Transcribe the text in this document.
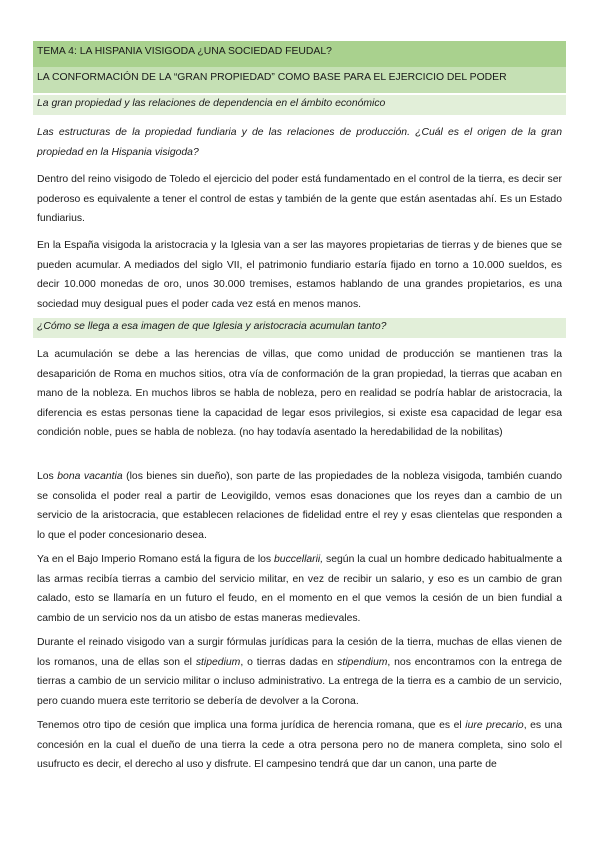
TEMA 4: LA HISPANIA VISIGODA ¿UNA SOCIEDAD FEUDAL?
LA CONFORMACIÓN DE LA “GRAN PROPIEDAD” COMO BASE PARA EL EJERCICIO DEL PODER
La gran propiedad y las relaciones de dependencia en el ámbito económico

Las estructuras de la propiedad fundiaria y de las relaciones de producción. ¿Cuál es el origen de la gran propiedad en la Hispania visigoda?

Dentro del reino visigodo de Toledo el ejercicio del poder está fundamentado en el control de la tierra, es decir ser poderoso es equivalente a tener el control de estas y también de la gente que están asentadas ahí. Es un Estado fundiarius.

En la España visigoda la aristocracia y la Iglesia van a ser las mayores propietarias de tierras y de bienes que se pueden acumular. A mediados del siglo VII, el patrimonio fundiario estaría fijado en torno a 10.000 sueldos, es decir 10.000 monedas de oro, unos 30.000 tremises, estamos hablando de una grandes propietarios, es una sociedad muy desigual pues el poder cada vez está en menos manos.

¿Cómo se llega a esa imagen de que Iglesia y aristocracia acumulan tanto?

La acumulación se debe a las herencias de villas, que como unidad de producción se mantienen tras la desaparición de Roma en muchos sitios, otra vía de conformación de la gran propiedad, la tierras que acaban en mano de la nobleza. En muchos libros se habla de nobleza, pero en realidad se podría hablar de aristocracia, la diferencia es estas personas tiene la capacidad de legar esos privilegios, si existe esa capacidad de legar esa condición noble, pues se habla de nobleza. (no hay todavía asentado la heredabilidad de la nobilitas)

Los bona vacantia (los bienes sin dueño), son parte de las propiedades de la nobleza visigoda, también cuando se consolida el poder real a partir de Leovigildo, vemos esas donaciones que los reyes dan a cambio de un servicio de la aristocracia, que establecen relaciones de fidelidad entre el rey y esas clientelas que responden a lo que el poder concesionario desea.

Ya en el Bajo Imperio Romano está la figura de los buccellarii, según la cual un hombre dedicado habitualmente a las armas recibía tierras a cambio del servicio militar, en vez de recibir un salario, y eso es un cambio de gran calado, esto se llamaría en un futuro el feudo, en el momento en el que vemos la cesión de un bien fundial a cambio de un servicio nos da un atisbo de estas maneras medievales.

Durante el reinado visigodo van a surgir fórmulas jurídicas para la cesión de la tierra, muchas de ellas vienen de los romanos, una de ellas son el stipedium, o tierras dadas en stipendium, nos encontramos con la entrega de tierras a cambio de un servicio militar o incluso administrativo. La entrega de la tierra es a cambio de un servicio, pero cuando muera este territorio se debería de devolver a la Corona.

Tenemos otro tipo de cesión que implica una forma jurídica de herencia romana, que es el iure precario, es una concesión en la cual el dueño de una tierra la cede a otra persona pero no de manera completa, sino solo el usufructo es decir, el derecho al uso y disfrute. El campesino tendrá que dar un canon, una parte de
